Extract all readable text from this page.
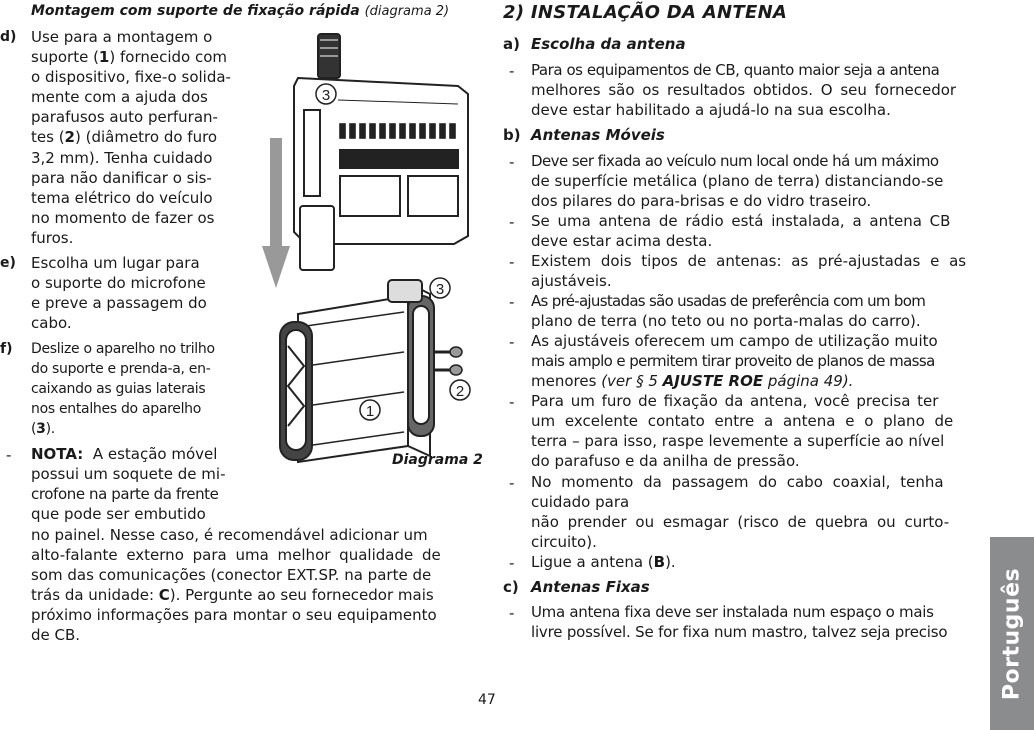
Montagem com suporte de fixação rápida (diagrama 2)
d) Use para a montagem o
suporte (1) fornecido com
o dispositivo, fixe-o solida-
mente com a ajuda dos
parafusos auto perfuran-
tes (2) (diâmetro do furo
3,2 mm). Tenha cuidado
para não danificar o sis-
tema elétrico do veículo
no momento de fazer os
furos.
e) Escolha um lugar para
o suporte do microfone
e preve a passagem do
cabo.
f) Deslize o aparelho no trilho
do suporte e prenda-a, en-
caixando as guias laterais
nos entalhes do aparelho
(3).
- NOTA: A estação móvel
possui um soquete de mi-
crofone na parte da frente
que pode ser embutido
no painel. Nesse caso, é recomendável adicionar um
alto-falante externo para uma melhor qualidade de
som das comunicações (conector EXT.SP. na parte de
trás da unidade: C). Pergunte ao seu fornecedor mais
próximo informações para montar o seu equipamento
de CB.
3
3
2
1
Diagrama 2
2) INSTALAÇÃO DA ANTENA
a) Escolha da antena
- Para os equipamentos de CB, quanto maior seja a antena
melhores são os resultados obtidos. O seu fornecedor
deve estar habilitado a ajudá-lo na sua escolha.
b) Antenas Móveis
- Deve ser fixada ao veículo num local onde há um máximo
de superfície metálica (plano de terra) distanciando-se
dos pilares do para-brisas e do vidro traseiro.
- Se uma antena de rádio está instalada, a antena CB
deve estar acima desta.
- Existem dois tipos de antenas: as pré-ajustadas e as
ajustáveis.
- As pré-ajustadas são usadas de preferência com um bom
plano de terra (no teto ou no porta-malas do carro).
- As ajustáveis oferecem um campo de utilização muito
mais amplo e permitem tirar proveito de planos de massa
menores (ver § 5 AJUSTE ROE página 49).
- Para um furo de fixação da antena, você precisa ter
um excelente contato entre a antena e o plano de
terra – para isso, raspe levemente a superfície ao nível
do parafuso e da anilha de pressão.
- No momento da passagem do cabo coaxial, tenha
cuidado para
não prender ou esmagar (risco de quebra ou curto-
circuito).
- Ligue a antena (B).
c) Antenas Fixas
- Uma antena fixa deve ser instalada num espaço o mais
livre possível. Se for fixa num mastro, talvez seja preciso
47
Português
